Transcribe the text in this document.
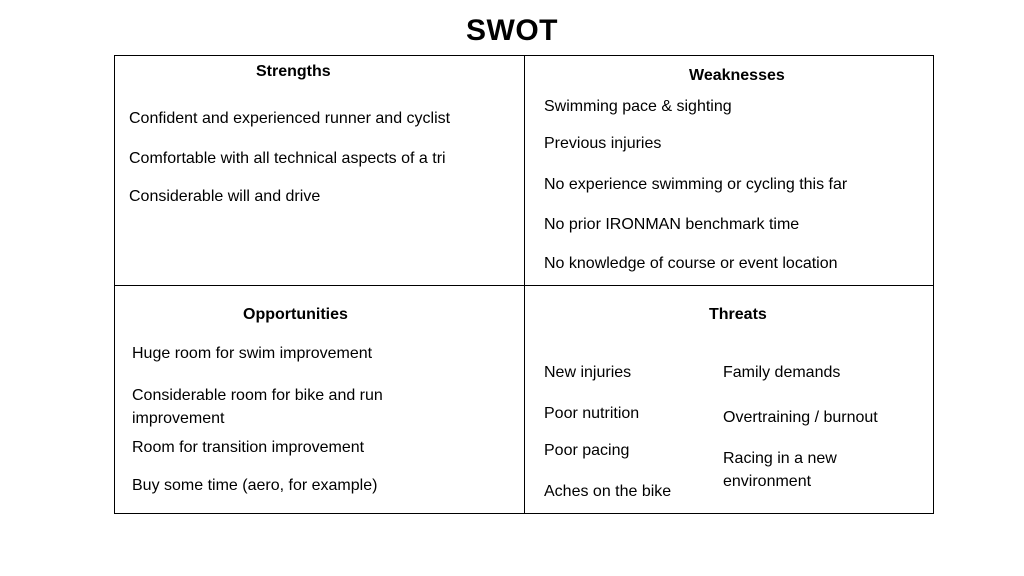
SWOT
Strengths
Confident and experienced runner and cyclist
Comfortable with all technical aspects of a tri
Considerable will and drive
Weaknesses
Swimming pace & sighting
Previous injuries
No experience swimming or cycling this far
No prior IRONMAN benchmark time
No knowledge of course or event location
Opportunities
Huge room for swim improvement
Considerable room for bike and run
improvement
Room for transition improvement
Buy some time (aero, for example)
Threats
New injuries
Poor nutrition
Poor pacing
Aches on the bike
Family demands
Overtraining / burnout
Racing in a new
environment
